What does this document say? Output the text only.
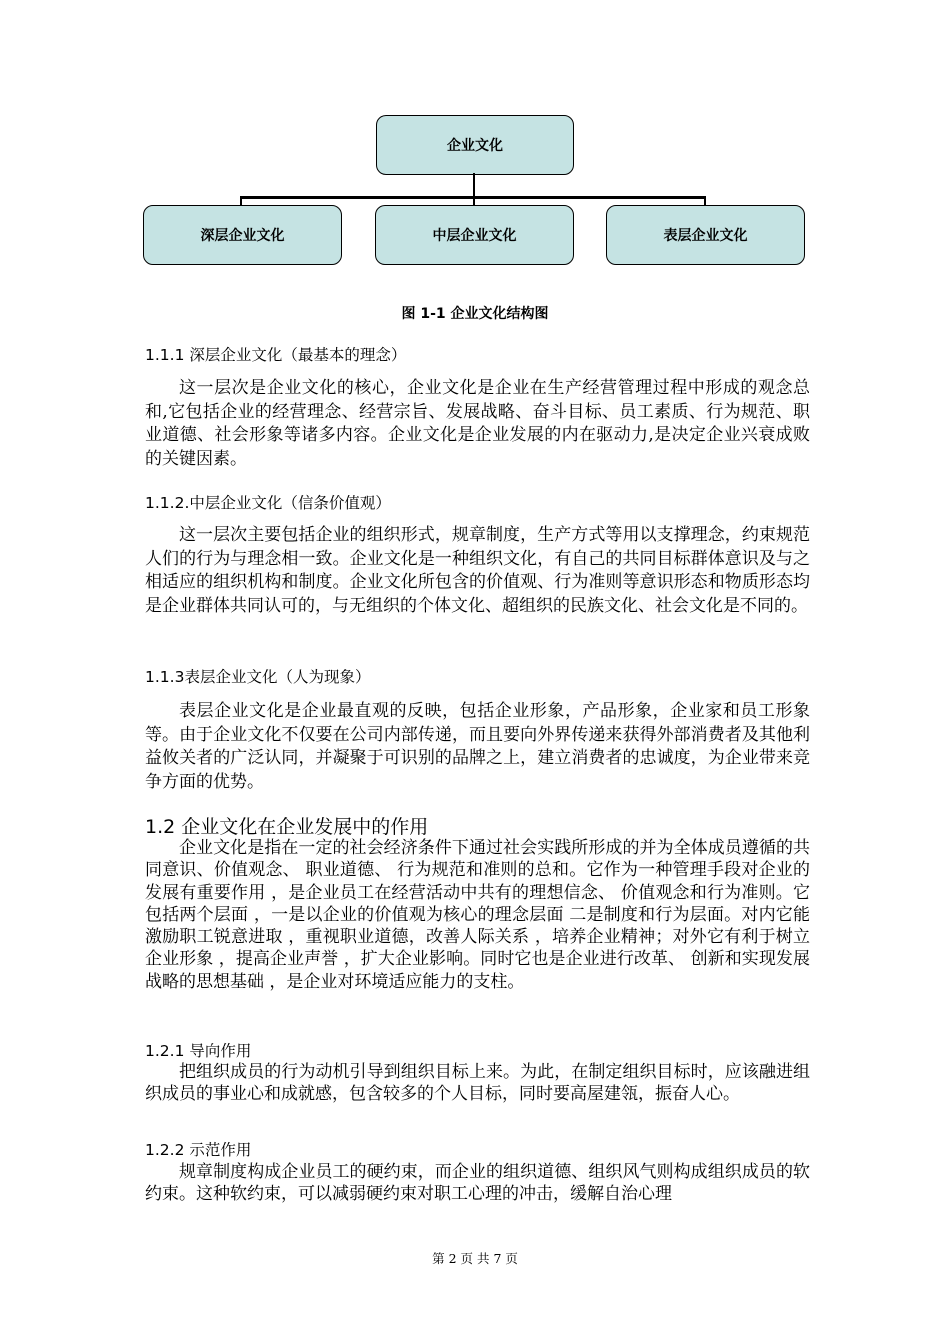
企业文化
深层企业文化	中层企业文化	表层企业文化
图 1-1 企业文化结构图
1.1.1 深层企业文化（最基本的理念）

这一层次是企业文化的核心，企业文化是企业在生产经营管理过程中形成的观念总和,它包括企业的经营理念、经营宗旨、发展战略、奋斗目标、员工素质、行为规范、职业道德、社会形象等诸多内容。企业文化是企业发展的内在驱动力,是决定企业兴衰成败的关键因素。

1.1.2.中层企业文化（信条价值观）

这一层次主要包括企业的组织形式，规章制度，生产方式等用以支撑理念，约束规范人们的行为与理念相一致。企业文化是一种组织文化，有自己的共同目标群体意识及与之相适应的组织机构和制度。企业文化所包含的价值观、行为准则等意识形态和物质形态均是企业群体共同认可的，与无组织的个体文化、超组织的民族文化、社会文化是不同的。

1.1.3表层企业文化（人为现象）

表层企业文化是企业最直观的反映，包括企业形象，产品形象，企业家和员工形象等。由于企业文化不仅要在公司内部传递，而且要向外界传递来获得外部消费者及其他利益攸关者的广泛认同，并凝聚于可识别的品牌之上，建立消费者的忠诚度，为企业带来竞争方面的优势。

1.2 企业文化在企业发展中的作用

企业文化是指在一定的社会经济条件下通过社会实践所形成的并为全体成员遵循的共同意识、价值观念、 职业道德、 行为规范和准则的总和。它作为一种管理手段对企业的发展有重要作用 ，是企业员工在经营活动中共有的理想信念、 价值观念和行为准则。它包括两个层面 ，一是以企业的价值观为核心的理念层面 二是制度和行为层面。对内它能激励职工锐意进取 ，重视职业道德，改善人际关系 ，培养企业精神；对外它有利于树立企业形象 ，提高企业声誉 ，扩大企业影响。同时它也是企业进行改革、 创新和实现发展战略的思想基础 ，是企业对环境适应能力的支柱。

1.2.1 导向作用

把组织成员的行为动机引导到组织目标上来。为此，在制定组织目标时，应该融进组织成员的事业心和成就感，包含较多的个人目标，同时要高屋建瓴，振奋人心。

1.2.2 示范作用

规章制度构成企业员工的硬约束，而企业的组织道德、组织风气则构成组织成员的软约束。这种软约束，可以减弱硬约束对职工心理的冲击，缓解自治心理

第 2 页 共 7 页
